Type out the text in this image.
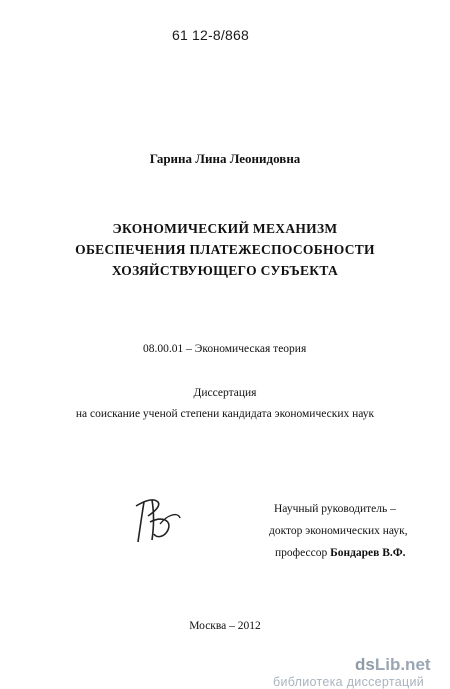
61 12-8/868
Гарина Лина Леонидовна
ЭКОНОМИЧЕСКИЙ МЕХАНИЗМ
ОБЕСПЕЧЕНИЯ ПЛАТЕЖЕСПОСОБНОСТИ
ХОЗЯЙСТВУЮЩЕГО СУБЪЕКТА
08.00.01 – Экономическая теория
Диссертация
на соискание ученой степени кандидата экономических наук
Научный руководитель –
доктор экономических наук,
профессор Бондарев В.Ф.
Москва – 2012
dsLib.net
библиотека диссертаций
